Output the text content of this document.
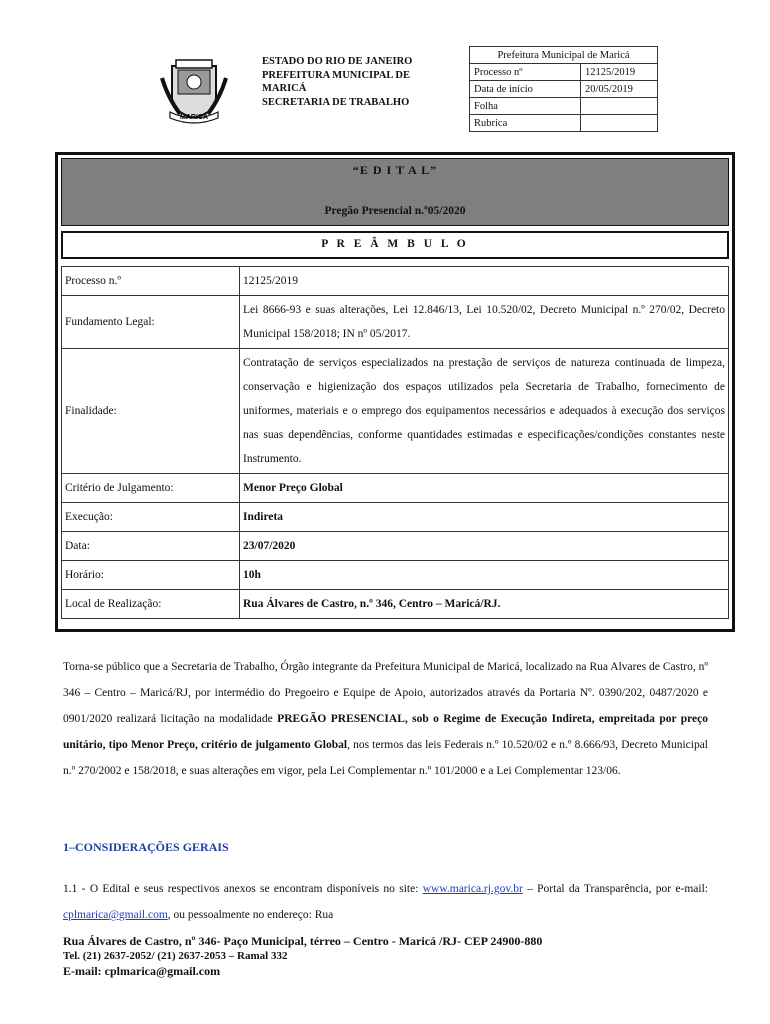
MARICÁ
ESTADO DO RIO DE JANEIRO
PREFEITURA MUNICIPAL DE
MARICÁ
SECRETARIA DE TRABALHO
Prefeitura Municipal de Maricá	
Processo nº	12125/2019
Data de início	20/05/2019
Folha	
Rubrica	
“E D I T A L”
Pregão Presencial n.º05/2020
P R E Â M B U L O
Processo n.º	12125/2019
Fundamento Legal:	Lei 8666-93 e suas alterações, Lei 12.846/13, Lei 10.520/02, Decreto Municipal n.º 270/02, Decreto Municipal 158/2018; IN nº 05/2017.
Finalidade:	Contratação de serviços especializados na prestação de serviços de natureza continuada de limpeza, conservação e higienização dos espaços utilizados pela Secretaria de Trabalho, fornecimento de uniformes, materiais e o emprego dos equipamentos necessários e adequados à execução dos serviços nas suas dependências, conforme quantidades estimadas e especificações/condições constantes neste Instrumento.
Critério de Julgamento:	Menor Preço Global
Execução:	Indireta
Data:	23/07/2020
Horário:	10h
Local de Realização:	Rua Álvares de Castro, n.º 346, Centro – Maricá/RJ.
Torna-se público que a Secretaria de Trabalho, Órgão integrante da Prefeitura Municipal de Maricá, localizado na Rua Alvares de Castro, nº 346 – Centro – Maricá/RJ, por intermédio do Pregoeiro e Equipe de Apoio, autorizados através da Portaria Nº. 0390/202, 0487/2020 e 0901/2020 realizará licitação na modalidade PREGÃO PRESENCIAL, sob o Regime de Execução Indireta, empreitada por preço unitário, tipo Menor Preço, critério de julgamento Global, nos termos das leis Federais n.º 10.520/02 e n.º 8.666/93, Decreto Municipal n.º 270/2002 e 158/2018, e suas alterações em vigor, pela Lei Complementar n.º 101/2000 e a Lei Complementar 123/06.
1–CONSIDERAÇÕES GERAIS
1.1 - O Edital e seus respectivos anexos se encontram disponíveis no site: www.marica.rj.gov.br – Portal da Transparência, por e-mail: cplmarica@gmail.com, ou pessoalmente no endereço: Rua
Rua Álvares de Castro, nº 346- Paço Municipal, térreo – Centro - Maricá /RJ- CEP 24900-880
Tel. (21) 2637-2052/ (21) 2637-2053 – Ramal 332
E-mail: cplmarica@gmail.com
